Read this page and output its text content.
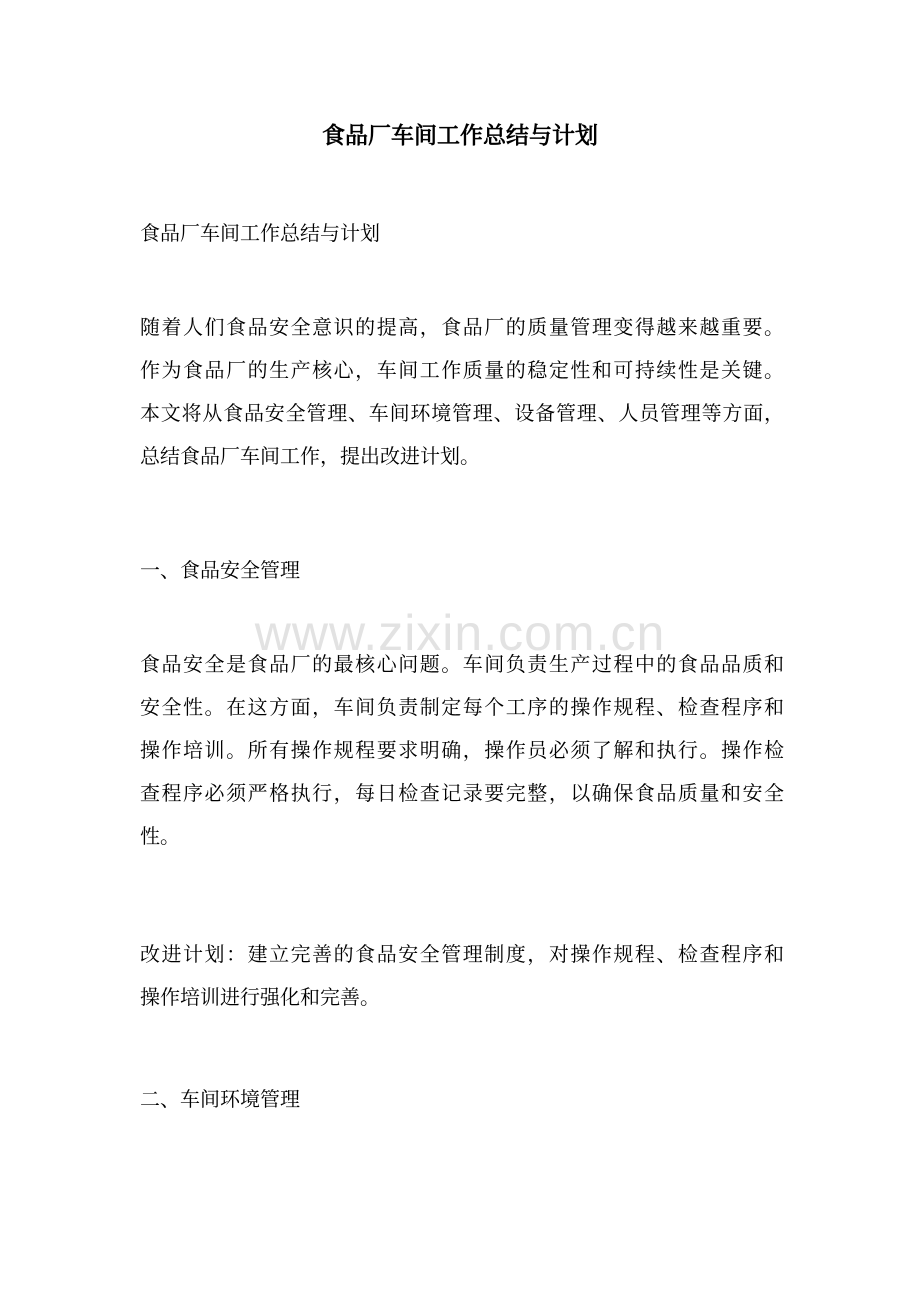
食品厂车间工作总结与计划

食品厂车间工作总结与计划

随着人们食品安全意识的提高，食品厂的质量管理变得越来越重要。
作为食品厂的生产核心，车间工作质量的稳定性和可持续性是关键。
本文将从食品安全管理、车间环境管理、设备管理、人员管理等方面，
总结食品厂车间工作，提出改进计划。

一、食品安全管理

www.zixin.com.cn
食品安全是食品厂的最核心问题。车间负责生产过程中的食品品质和
安全性。在这方面，车间负责制定每个工序的操作规程、检查程序和
操作培训。所有操作规程要求明确，操作员必须了解和执行。操作检
查程序必须严格执行，每日检查记录要完整，以确保食品质量和安全
性。
改进计划：建立完善的食品安全管理制度，对操作规程、检查程序和
操作培训进行强化和完善。

二、车间环境管理
